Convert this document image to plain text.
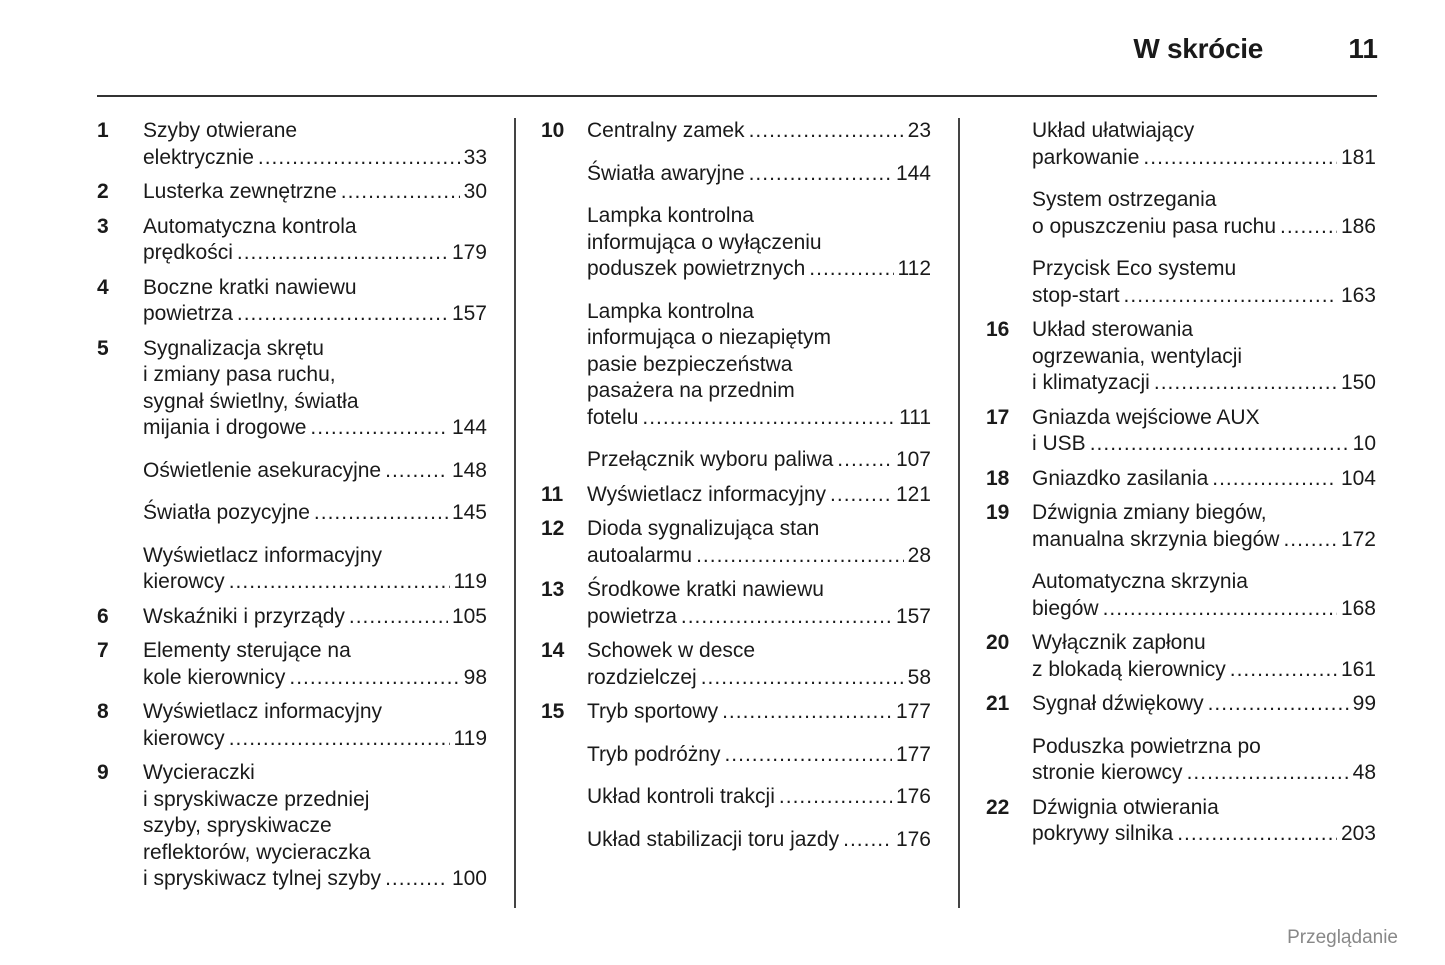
W skrócie	11
1 Szyby otwierane
elektrycznie .....	33
2 Lusterka zewnętrzne .....	30
3 Automatyczna kontrola
prędkości .....	179
4 Boczne kratki nawiewu
powietrza .....	157
5 Sygnalizacja skrętu
i zmiany pasa ruchu,
sygnał świetlny, światła
mijania i drogowe .....	144
Oświetlenie asekuracyjne .....	148
Światła pozycyjne .....	145
Wyświetlacz informacyjny
kierowcy .....	119
6 Wskaźniki i przyrządy .....	105
7 Elementy sterujące na
kole kierownicy .....	98
8 Wyświetlacz informacyjny
kierowcy .....	119
9 Wycieraczki
i spryskiwacze przedniej
szyby, spryskiwacze
reflektorów, wycieraczka
i spryskiwacz tylnej szyby .....	100
10 Centralny zamek .....	23
Światła awaryjne .....	144
Lampka kontrolna
informująca o wyłączeniu
poduszek powietrznych .....	112
Lampka kontrolna
informująca o niezapiętym
pasie bezpieczeństwa
pasażera na przednim
fotelu .....	111
Przełącznik wyboru paliwa .....	107
11 Wyświetlacz informacyjny .....	121
12 Dioda sygnalizująca stan
autoalarmu .....	28
13 Środkowe kratki nawiewu
powietrza .....	157
14 Schowek w desce
rozdzielczej .....	58
15 Tryb sportowy .....	177
Tryb podróżny .....	177
Układ kontroli trakcji .....	176
Układ stabilizacji toru jazdy .....	176
Układ ułatwiający
parkowanie .....	181
System ostrzegania
o opuszczeniu pasa ruchu .....	186
Przycisk Eco systemu
stop-start .....	163
16 Układ sterowania
ogrzewania, wentylacji
i klimatyzacji .....	150
17 Gniazda wejściowe AUX
i USB .....	10
18 Gniazdko zasilania .....	104
19 Dźwignia zmiany biegów,
manualna skrzynia biegów .....	172
Automatyczna skrzynia
biegów .....	168
20 Wyłącznik zapłonu
z blokadą kierownicy .....	161
21 Sygnał dźwiękowy .....	99
Poduszka powietrzna po
stronie kierowcy .....	48
22 Dźwignia otwierania
pokrywy silnika .....	203
Przeglądanie
